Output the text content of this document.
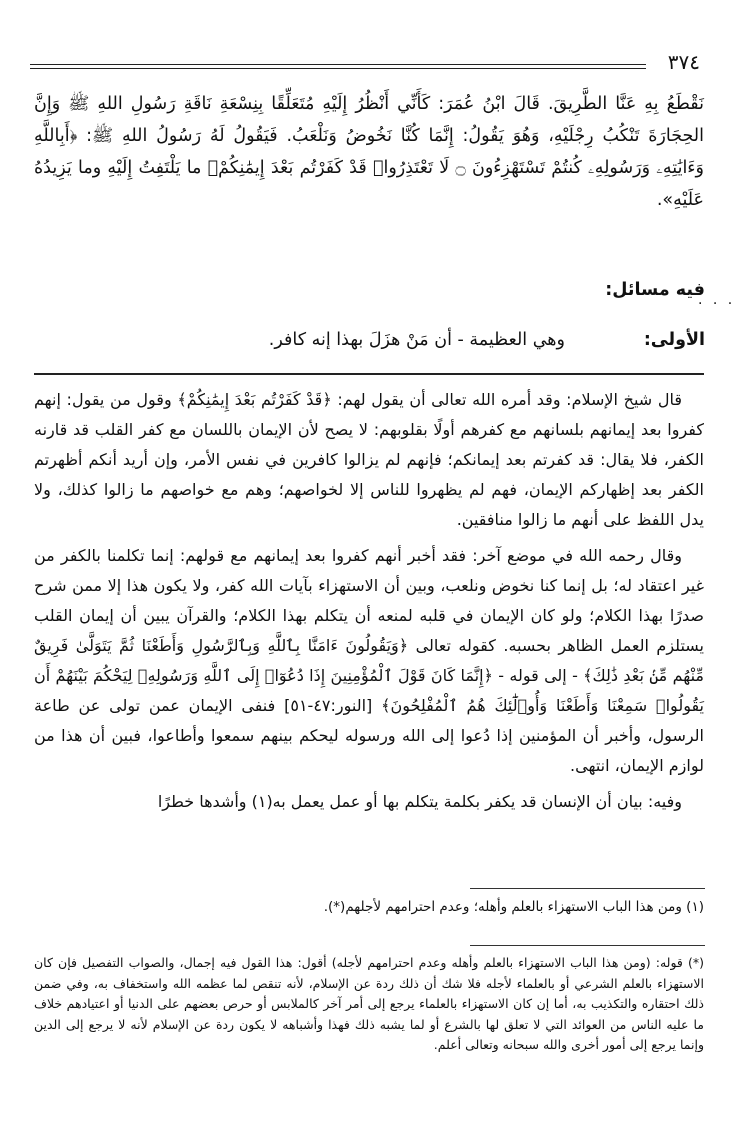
٣٧٤
نَقْطَعُ بِهِ عَنَّا الطَّرِيقَ. قَالَ ابْنُ عُمَرَ: كَأَنِّي أَنْظُرُ إِلَيْهِ مُتَعَلِّقًا بِنِسْعَةِ نَاقَةِ رَسُولِ اللهِ ﷺ وَإِنَّ الحِجَارَةَ تَنْكُبُ رِجْلَيْهِ، وَهُوَ يَقُولُ: إِنَّمَا كُنَّا نَخُوضُ وَنَلْعَبُ. فَيَقُولُ لَهُ رَسُولُ اللهِ ﷺ: ﴿أَبِاللَّهِ وَءَايَٰتِهِۦ وَرَسُولِهِۦ كُنتُمْ تَسْتَهْزِءُونَ ۝ لَا تَعْتَذِرُوا۟ قَدْ كَفَرْتُم بَعْدَ إِيمَٰنِكُمْ﴾ ما يَلْتَفِتُ إِلَيْهِ وما يَزِيدُهُ عَلَيْهِ».
فيه مسائل:
. . .
الأولى:
وهي العظيمة - أن مَنْ هزَلَ بهذا إنه كافر.

قال شيخ الإسلام: وقد أمره الله تعالى أن يقول لهم: ﴿قَدْ كَفَرْتُم بَعْدَ إِيمَٰنِكُمْ﴾ وقول من يقول: إنهم كفروا بعد إيمانهم بلسانهم مع كفرهم أولًا بقلوبهم: لا يصح لأن الإيمان باللسان مع كفر القلب قد قارنه الكفر، فلا يقال: قد كفرتم بعد إيمانكم؛ فإنهم لم يزالوا كافرين في نفس الأمر، وإن أريد أنكم أظهرتم الكفر بعد إظهاركم الإيمان، فهم لم يظهروا للناس إلا لخواصهم؛ وهم مع خواصهم ما زالوا كذلك، ولا يدل اللفظ على أنهم ما زالوا منافقين.

وقال رحمه الله في موضع آخر: فقد أخبر أنهم كفروا بعد إيمانهم مع قولهم: إنما تكلمنا بالكفر من غير اعتقاد له؛ بل إنما كنا نخوض ونلعب، وبين أن الاستهزاء بآيات الله كفر، ولا يكون هذا إلا ممن شرح صدرًا بهذا الكلام؛ ولو كان الإيمان في قلبه لمنعه أن يتكلم بهذا الكلام؛ والقرآن يبين أن إيمان القلب يستلزم العمل الظاهر بحسبه. كقوله تعالى ﴿وَيَقُولُونَ ءَامَنَّا بِٱللَّهِ وَبِٱلرَّسُولِ وَأَطَعْنَا ثُمَّ يَتَوَلَّىٰ فَرِيقٌ مِّنْهُم مِّنۢ بَعْدِ ذَٰلِكَ﴾ - إلى قوله - ﴿إِنَّمَا كَانَ قَوْلَ ٱلْمُؤْمِنِينَ إِذَا دُعُوٓا۟ إِلَى ٱللَّهِ وَرَسُولِهِۦ لِيَحْكُمَ بَيْنَهُمْ أَن يَقُولُوا۟ سَمِعْنَا وَأَطَعْنَا وَأُو۟لَٰٓئِكَ هُمُ ٱلْمُفْلِحُونَ﴾ [النور:٤٧-٥١] فنفى الإيمان عمن تولى عن طاعة الرسول، وأخبر أن المؤمنين إذا دُعوا إلى الله ورسوله ليحكم بينهم سمعوا وأطاعوا، فبين أن هذا من لوازم الإيمان، انتهى.

وفيه: بيان أن الإنسان قد يكفر بكلمة يتكلم بها أو عمل يعمل به(١) وأشدها خطرًا

(١) ومن هذا الباب الاستهزاء بالعلم وأهله؛ وعدم احترامهم لأجلهم(*).
(*) قوله: (ومن هذا الباب الاستهزاء بالعلم وأهله وعدم احترامهم لأجله) أقول: هذا القول فيه إجمال، والصواب التفصيل فإن كان الاستهزاء بالعلم الشرعي أو بالعلماء لأجله فلا شك أن ذلك ردة عن الإسلام، لأنه تنقص لما عظمه الله واستخفاف به، وفي ضمن ذلك احتقاره والتكذيب به، أما إن كان الاستهزاء بالعلماء يرجع إلى أمر آخر كالملابس أو حرص بعضهم على الدنيا أو اعتيادهم خلاف ما عليه الناس من العوائد التي لا تعلق لها بالشرع أو لما يشبه ذلك فهذا وأشباهه لا يكون ردة عن الإسلام لأنه لا يرجع إلى الدين وإنما يرجع إلى أمور أخرى والله سبحانه وتعالى أعلم.
